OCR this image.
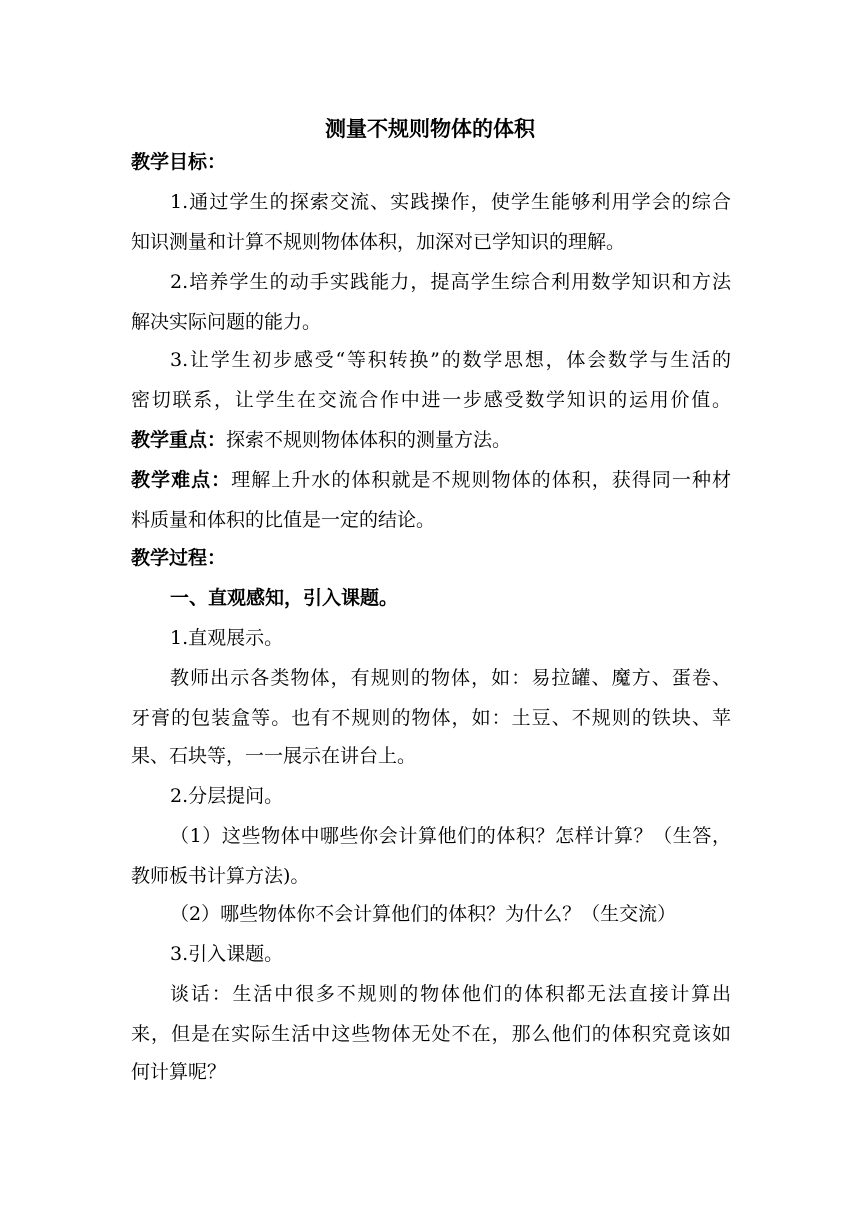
测量不规则物体的体积
教学目标：
1.通过学生的探索交流、实践操作，使学生能够利用学会的综合
知识测量和计算不规则物体体积，加深对已学知识的理解。
2.培养学生的动手实践能力，提高学生综合利用数学知识和方法
解决实际问题的能力。
3.让学生初步感受“等积转换”的数学思想，体会数学与生活的
密切联系，让学生在交流合作中进一步感受数学知识的运用价值。
教学重点：探索不规则物体体积的测量方法。
教学难点：理解上升水的体积就是不规则物体的体积，获得同一种材
料质量和体积的比值是一定的结论。
教学过程：
一、直观感知，引入课题。
1.直观展示。
教师出示各类物体，有规则的物体，如：易拉罐、魔方、蛋卷、
牙膏的包装盒等。也有不规则的物体，如：土豆、不规则的铁块、苹
果、石块等，一一展示在讲台上。
2.分层提问。
（1）这些物体中哪些你会计算他们的体积？怎样计算？（生答，
教师板书计算方法)。
（2）哪些物体你不会计算他们的体积？为什么？（生交流）
3.引入课题。
谈话：生活中很多不规则的物体他们的体积都无法直接计算出
来，但是在实际生活中这些物体无处不在，那么他们的体积究竟该如
何计算呢？
